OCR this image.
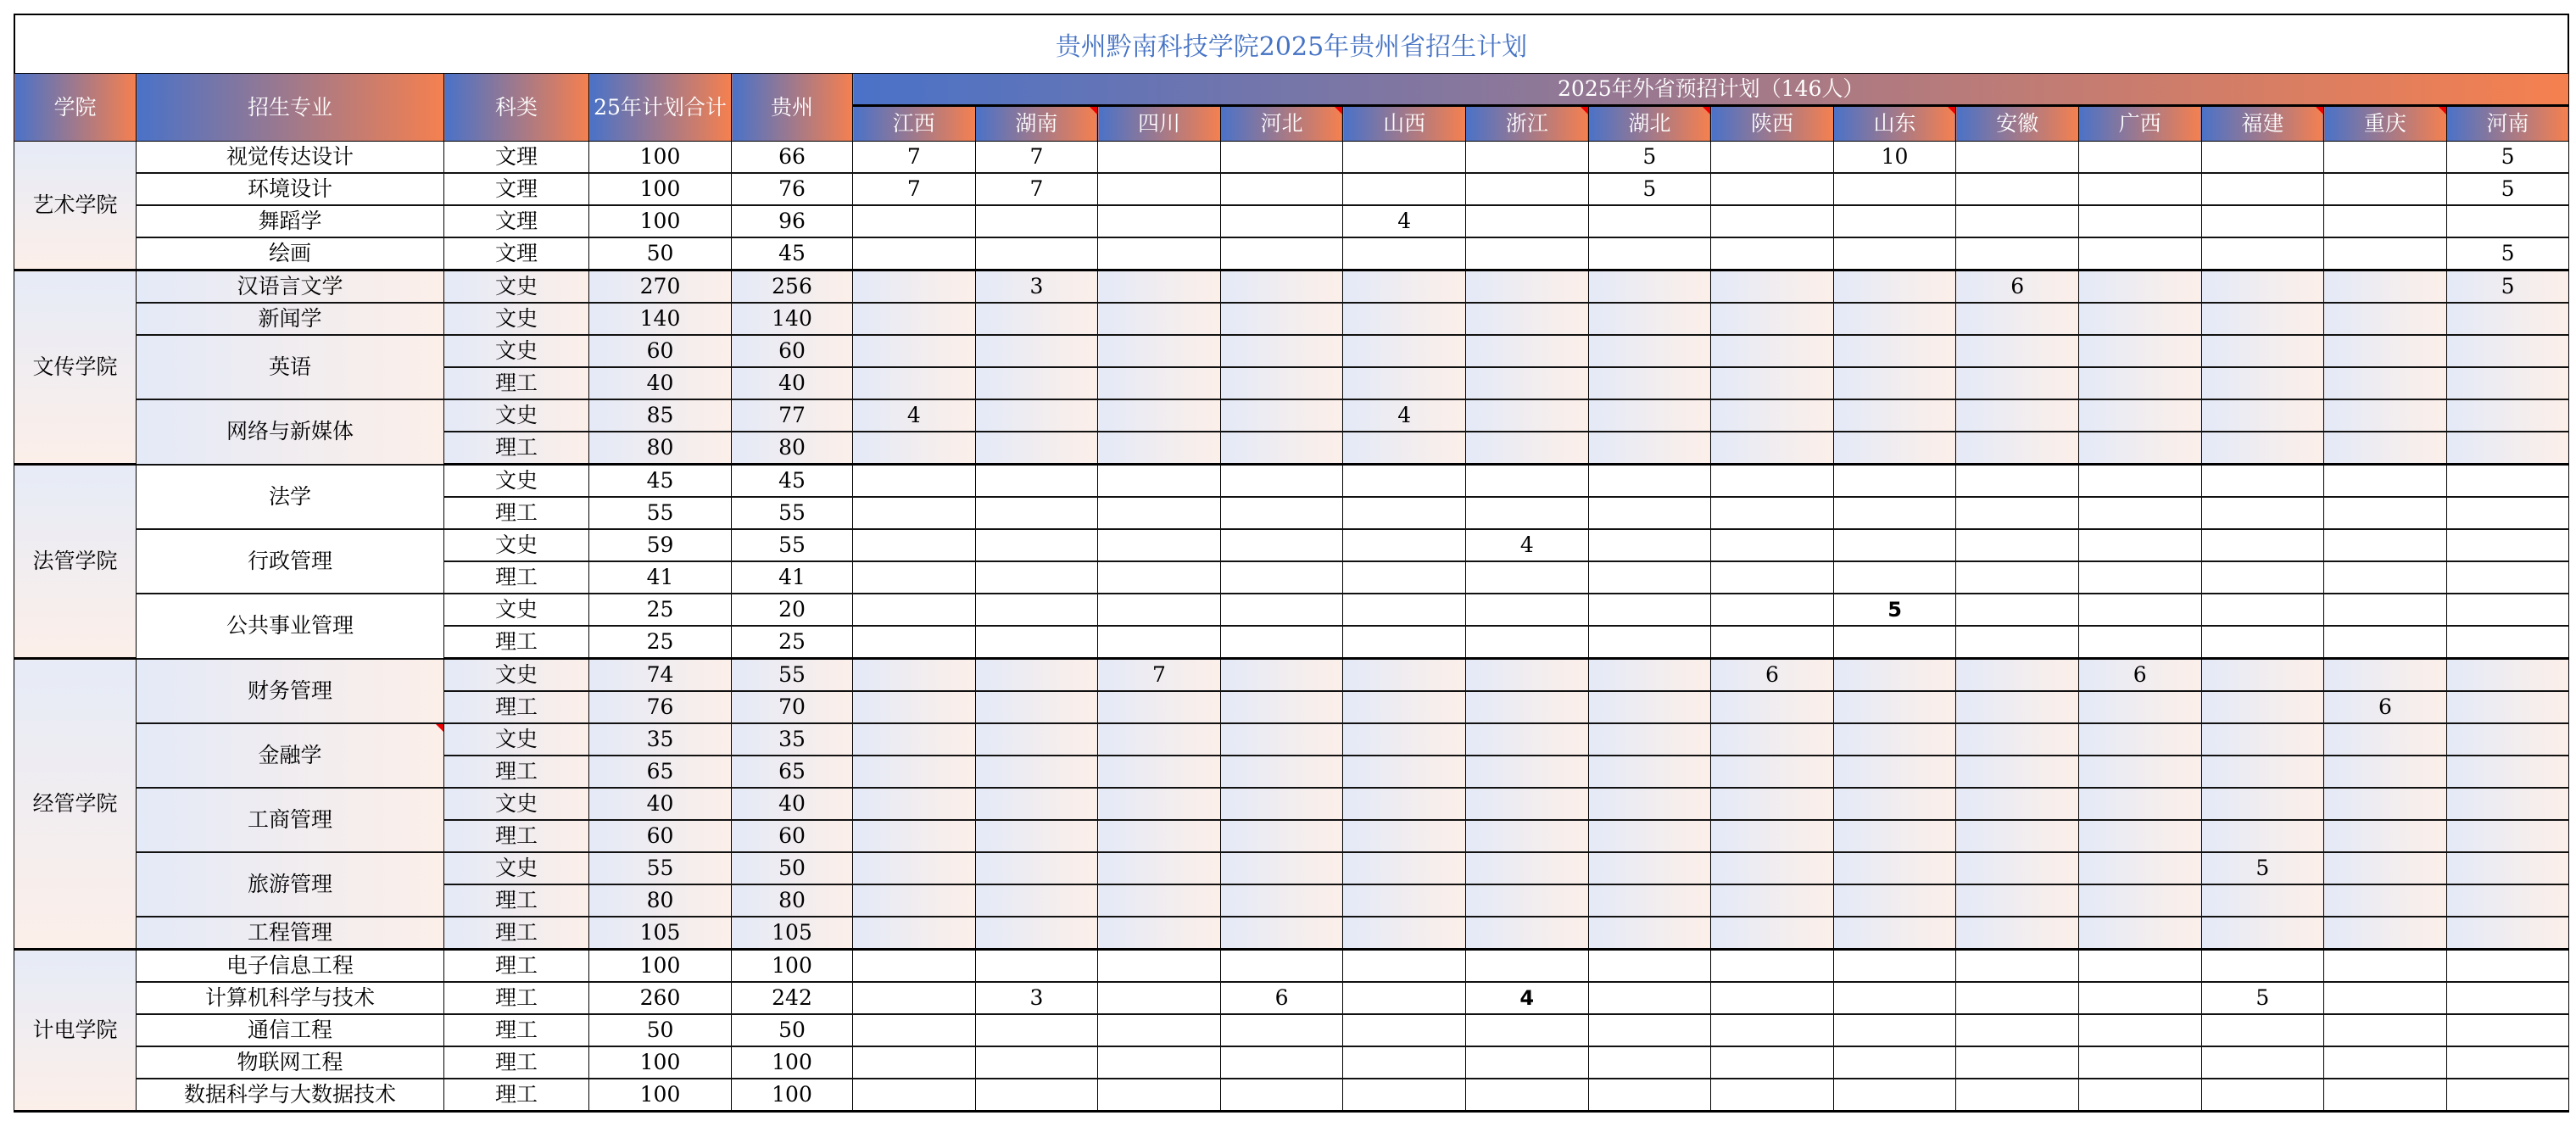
贵州黔南科技学院2025年贵州省招生计划
学院	招生专业	科类	25年计划合计	贵州	2025年外省预招计划（146人）													
					江西	湖南	四川	河北	山西	浙江	湖北	陕西	山东	安徽	广西	福建	重庆	河南
艺术学院	视觉传达设计	文理	100	66	7	7					5		10					5
	环境设计	文理	100	76	7	7					5							5
	舞蹈学	文理	100	96					4									
	绘画	文理	50	45														5
文传学院	汉语言文学	文史	270	256		3								6				5
	新闻学	文史	140	140														
	英语	文史	60	60														
		理工	40	40														
	网络与新媒体	文史	85	77	4				4									
		理工	80	80														
法管学院	法学	文史	45	45														
		理工	55	55														
	行政管理	文史	59	55						4								
		理工	41	41														
	公共事业管理	文史	25	20									5					
		理工	25	25														
经管学院	财务管理	文史	74	55			7					6			6			
		理工	76	70													6	
	金融学	文史	35	35														
		理工	65	65														
	工商管理	文史	40	40														
		理工	60	60														
	旅游管理	文史	55	50												5		
		理工	80	80														
	工程管理	理工	105	105														
计电学院	电子信息工程	理工	100	100														
	计算机科学与技术	理工	260	242		3		6		4						5		
	通信工程	理工	50	50														
	物联网工程	理工	100	100														
	数据科学与大数据技术	理工	100	100														
